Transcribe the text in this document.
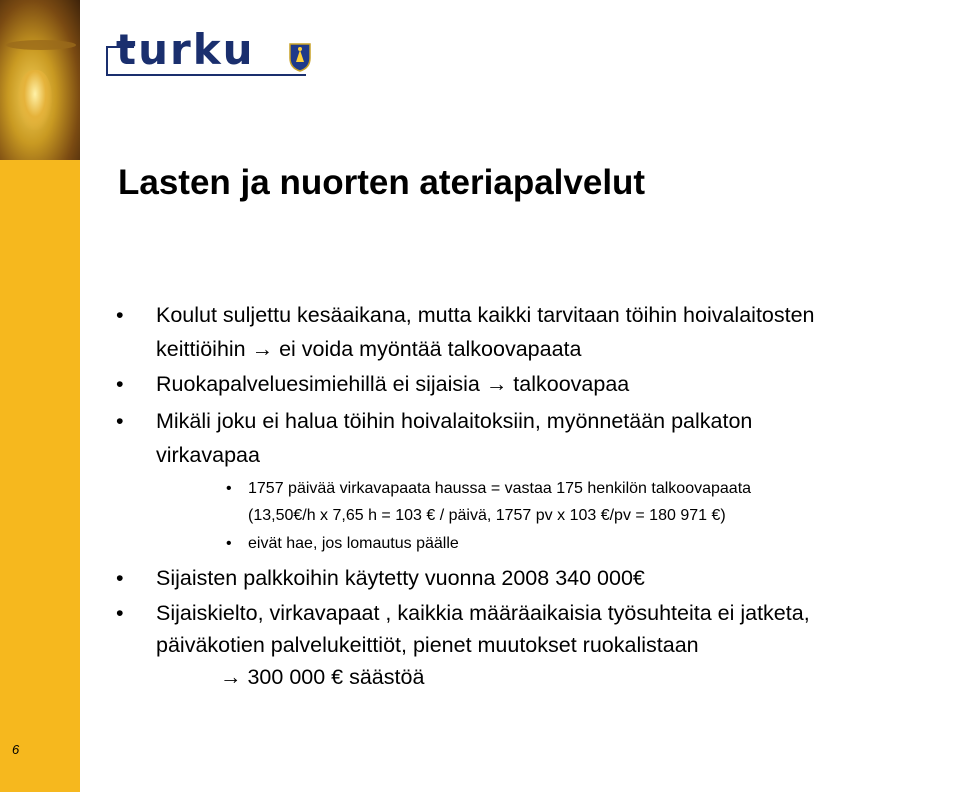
6
turku
Lasten ja nuorten ateriapalvelut
• Koulut suljettu kesäaikana, mutta kaikki tarvitaan töihin hoivalaitosten
keittiöihin → ei voida myöntää talkoovapaata
• Ruokapalveluesimiehillä ei sijaisia → talkoovapaa
• Mikäli joku ei halua töihin hoivalaitoksiin, myönnetään palkaton
virkavapaa
• 1757 päivää virkavapaata haussa = vastaa 175 henkilön talkoovapaata
(13,50€/h x 7,65 h = 103 € / päivä, 1757 pv x 103 €/pv = 180 971 €)
• eivät hae, jos lomautus päälle
• Sijaisten palkkoihin käytetty vuonna 2008 340 000€
• Sijaiskielto, virkavapaat , kaikkia määräaikaisia työsuhteita ei jatketa,
päiväkotien palvelukeittiöt, pienet muutokset ruokalistaan
→ 300 000 € säästöä
